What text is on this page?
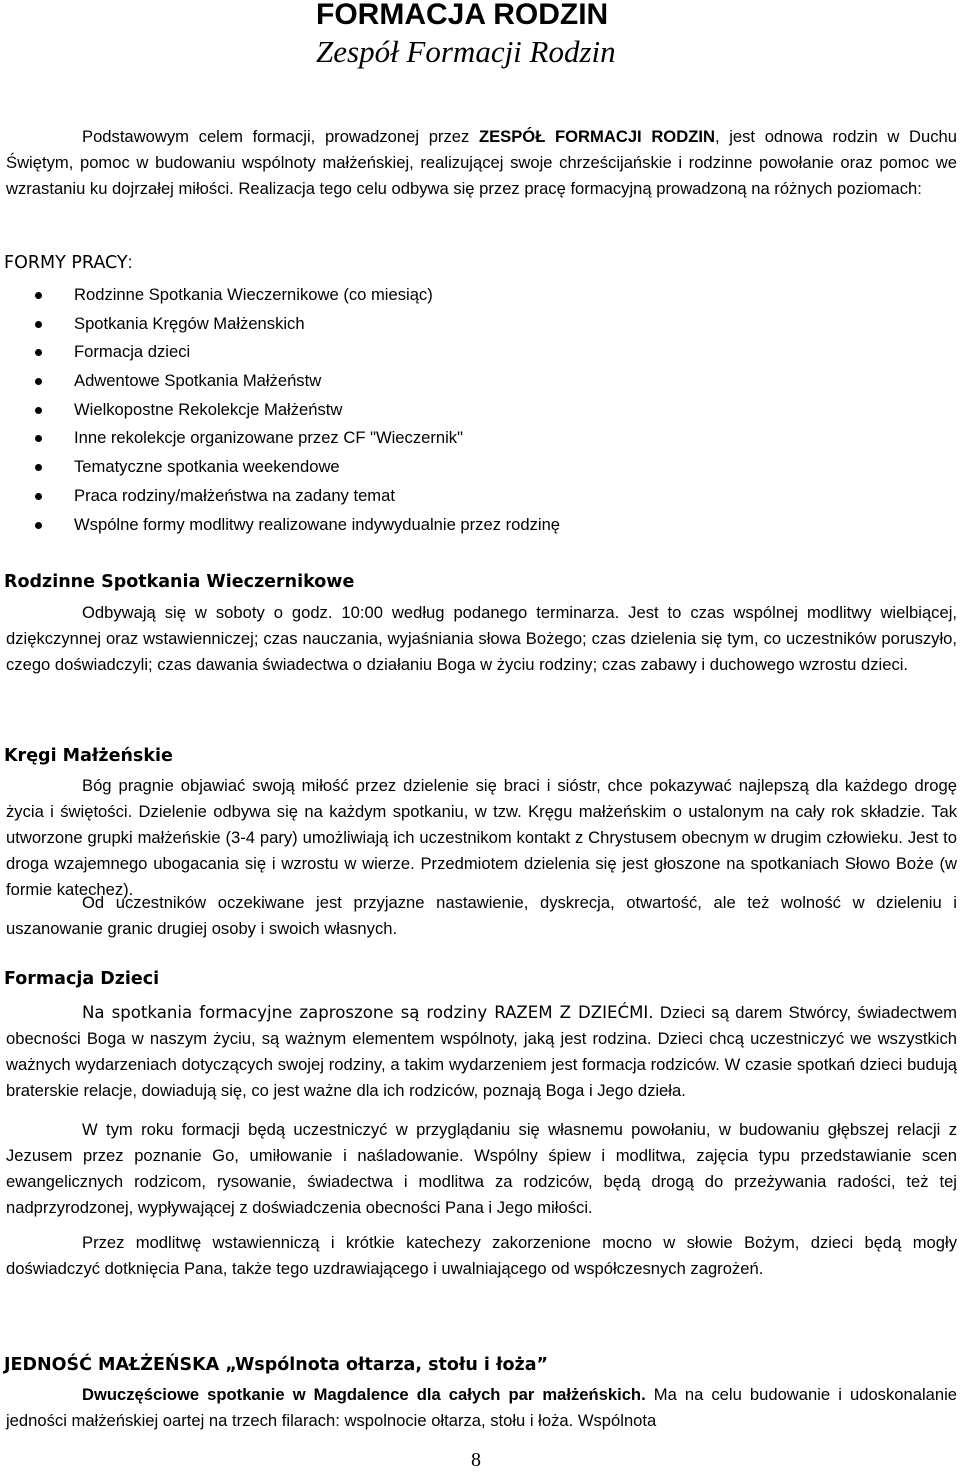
FORMACJA RODZIN
Zespół Formacji Rodzin

Podstawowym celem formacji, prowadzonej przez ZESPÓŁ FORMACJI RODZIN, jest odnowa rodzin w Duchu Świętym, pomoc w budowaniu wspólnoty małżeńskiej, realizującej swoje chrześcijańskie i rodzinne powołanie oraz pomoc we wzrastaniu ku dojrzałej miłości. Realizacja tego celu odbywa się przez pracę formacyjną prowadzoną na różnych poziomach:

FORMY PRACY:
Rodzinne Spotkania Wieczernikowe (co miesiąc)
Spotkania Kręgów Małżenskich
Formacja dzieci
Adwentowe Spotkania Małżeństw
Wielkopostne Rekolekcje Małżeństw
Inne rekolekcje organizowane przez CF "Wieczernik"
Tematyczne spotkania weekendowe
Praca rodziny/małżeństwa na zadany temat
Wspólne formy modlitwy realizowane indywydualnie przez rodzinę
Rodzinne Spotkania Wieczernikowe

Odbywają się w soboty o godz. 10:00 według podanego terminarza. Jest to czas wspólnej modlitwy wielbiącej, dziękczynnej oraz wstawienniczej; czas nauczania, wyjaśniania słowa Bożego; czas dzielenia się tym, co uczestników poruszyło, czego doświadczyli; czas dawania świadectwa o działaniu Boga w życiu rodziny; czas zabawy i duchowego wzrostu dzieci.

Kręgi Małżeńskie

Bóg pragnie objawiać swoją miłość przez dzielenie się braci i sióstr, chce pokazywać najlepszą dla każdego drogę życia i świętości. Dzielenie odbywa się na każdym spotkaniu, w tzw. Kręgu małżeńskim o ustalonym na cały rok składzie. Tak utworzone grupki małżeńskie (3-4 pary) umożliwiają ich uczestnikom kontakt z Chrystusem obecnym w drugim człowieku. Jest to droga wzajemnego ubogacania się i wzrostu w wierze. Przedmiotem dzielenia się jest głoszone na spotkaniach Słowo Boże (w formie katechez).

Od uczestników oczekiwane jest przyjazne nastawienie, dyskrecja, otwartość, ale też wolność w dzieleniu i uszanowanie granic drugiej osoby i swoich własnych.

Formacja Dzieci

Na spotkania formacyjne zaproszone są rodziny RAZEM Z DZIEĆMI. Dzieci są darem Stwórcy, świadectwem obecności Boga w naszym życiu, są ważnym elementem wspólnoty, jaką jest rodzina. Dzieci chcą uczestniczyć we wszystkich ważnych wydarzeniach dotyczących swojej rodziny, a takim wydarzeniem jest formacja rodziców. W czasie spotkań dzieci budują braterskie relacje, dowiadują się, co jest ważne dla ich rodziców, poznają Boga i Jego dzieła.

W tym roku formacji będą uczestniczyć w przyglądaniu się własnemu powołaniu, w budowaniu głębszej relacji z Jezusem przez poznanie Go, umiłowanie i naśladowanie. Wspólny śpiew i modlitwa, zajęcia typu przedstawianie scen ewangelicznych rodzicom, rysowanie, świadectwa i modlitwa za rodziców, będą drogą do przeżywania radości, też tej nadprzyrodzonej, wypływającej z doświadczenia obecności Pana i Jego miłości.

Przez modlitwę wstawienniczą i krótkie katechezy zakorzenione mocno w słowie Bożym, dzieci będą mogły doświadczyć dotknięcia Pana, także tego uzdrawiającego i uwalniającego od współczesnych zagrożeń.

JEDNOŚĆ MAŁŻEŃSKA „Wspólnota ołtarza, stołu i łoża”

Dwuczęściowe spotkanie w Magdalence dla całych par małżeńskich. Ma na celu budowanie i udoskonalanie jedności małżeńskiej oartej na trzech filarach: wspolnocie ołtarza, stołu i łoża. Wspólnota

8
